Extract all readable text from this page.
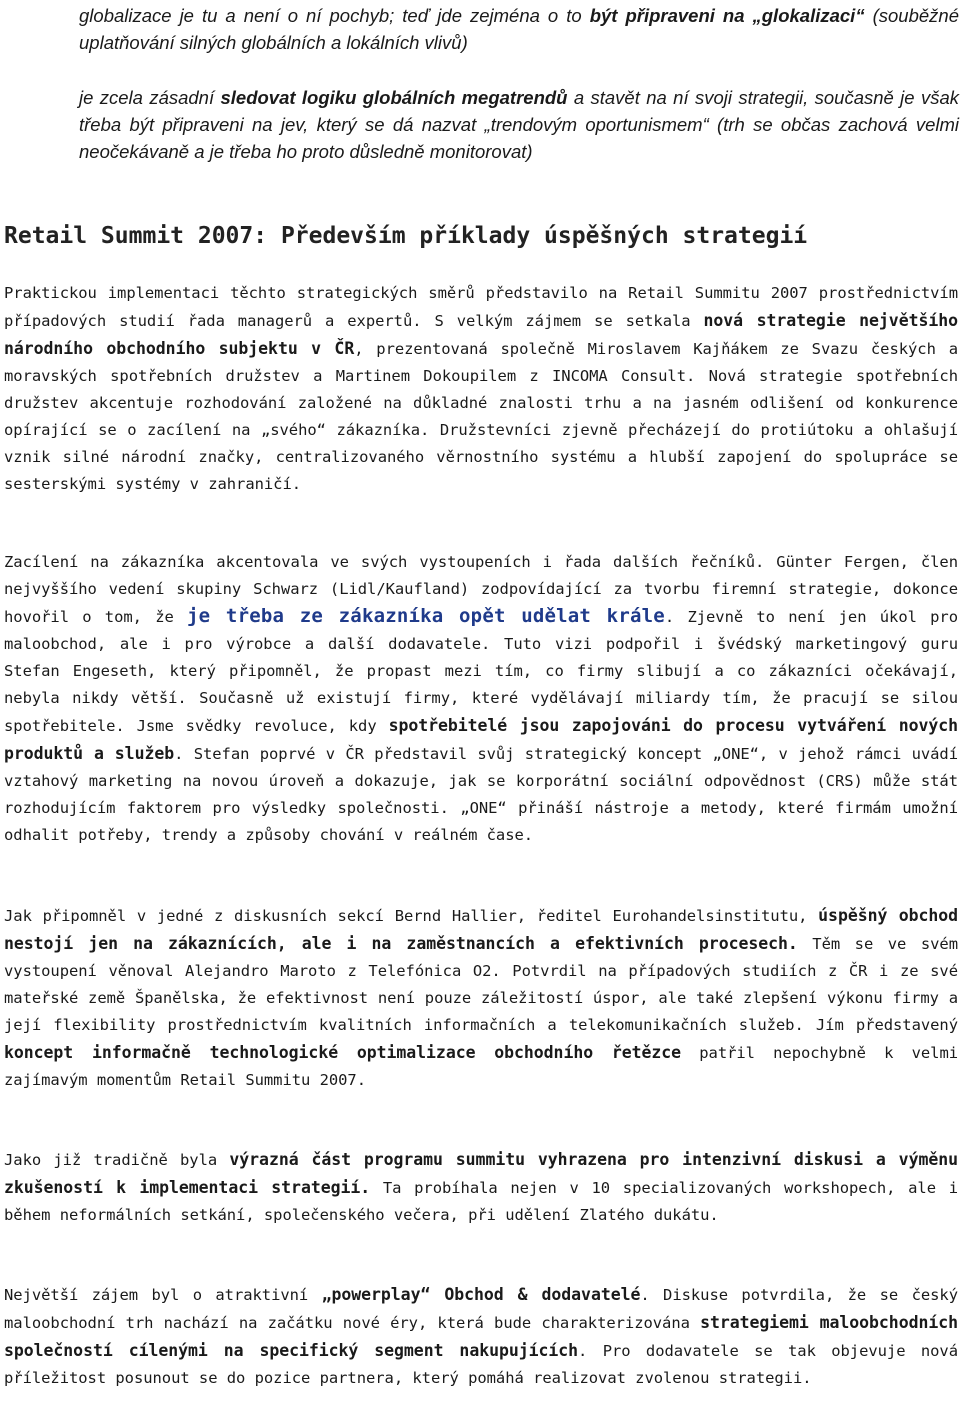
globalizace je tu a není o ní pochyb; teď jde zejména o to být připraveni na „glokalizaci“ (souběžné uplatňování silných globálních a lokálních vlivů)
je zcela zásadní sledovat logiku globálních megatrendů a stavět na ní svoji strategii, současně je však třeba být připraveni na jev, který se dá nazvat „trendovým oportunismem“ (trh se občas zachová velmi neočekávaně a je třeba ho proto důsledně monitorovat)
Retail Summit 2007: Především příklady úspěšných strategií
Praktickou implementaci těchto strategických směrů představilo na Retail Summitu 2007 prostřednictvím případových studií řada managerů a expertů. S velkým zájmem se setkala nová strategie největšího národního obchodního subjektu v ČR, prezentovaná společně Miroslavem Kajňákem ze Svazu českých a moravských spotřebních družstev a Martinem Dokoupilem z INCOMA Consult. Nová strategie spotřebních družstev akcentuje rozhodování založené na důkladné znalosti trhu a na jasném odlišení od konkurence opírající se o zacílení na „svého“ zákazníka. Družstevníci zjevně přecházejí do protiútoku a ohlašují vznik silné národní značky, centralizovaného věrnostního systému a hlubší zapojení do spolupráce se sesterskými systémy v zahraničí.
Zacílení na zákazníka akcentovala ve svých vystoupeních i řada dalších řečníků. Günter Fergen, člen nejvyššího vedení skupiny Schwarz (Lidl/Kaufland) zodpovídající za tvorbu firemní strategie, dokonce hovořil o tom, že je třeba ze zákazníka opět udělat krále. Zjevně to není jen úkol pro maloobchod, ale i pro výrobce a další dodavatele. Tuto vizi podpořil i švédský marketingový guru Stefan Engeseth, který připomněl, že propast mezi tím, co firmy slibují a co zákazníci očekávají, nebyla nikdy větší. Současně už existují firmy, které vydělávají miliardy tím, že pracují se silou spotřebitele. Jsme svědky revoluce, kdy spotřebitelé jsou zapojováni do procesu vytváření nových produktů a služeb. Stefan poprvé v ČR představil svůj strategický koncept „ONE“, v jehož rámci uvádí vztahový marketing na novou úroveň a dokazuje, jak se korporátní sociální odpovědnost (CRS) může stát rozhodujícím faktorem pro výsledky společnosti. „ONE“ přináší nástroje a metody, které firmám umožní odhalit potřeby, trendy a způsoby chování v reálném čase.
Jak připomněl v jedné z diskusních sekcí Bernd Hallier, ředitel Eurohandelsinstitutu, úspěšný obchod nestojí jen na zákaznících, ale i na zaměstnancích a efektivních procesech. Těm se ve svém vystoupení věnoval Alejandro Maroto z Telefónica O2. Potvrdil na případových studiích z ČR i ze své mateřské země Španělska, že efektivnost není pouze záležitostí úspor, ale také zlepšení výkonu firmy a její flexibility prostřednictvím kvalitních informačních a telekomunikačních služeb. Jím představený koncept informačně technologické optimalizace obchodního řetězce patřil nepochybně k velmi zajímavým momentům Retail Summitu 2007.
Jako již tradičně byla výrazná část programu summitu vyhrazena pro intenzivní diskusi a výměnu zkušeností k implementaci strategií. Ta probíhala nejen v 10 specializovaných workshopech, ale i během neformálních setkání, společenského večera, při udělení Zlatého dukátu.
Největší zájem byl o atraktivní „powerplay“ Obchod & dodavatelé. Diskuse potvrdila, že se český maloobchodní trh nachází na začátku nové éry, která bude charakterizována strategiemi maloobchodních společností cílenými na specifický segment nakupujících. Pro dodavatele se tak objevuje nová příležitost posunout se do pozice partnera, který pomáhá realizovat zvolenou strategii.
